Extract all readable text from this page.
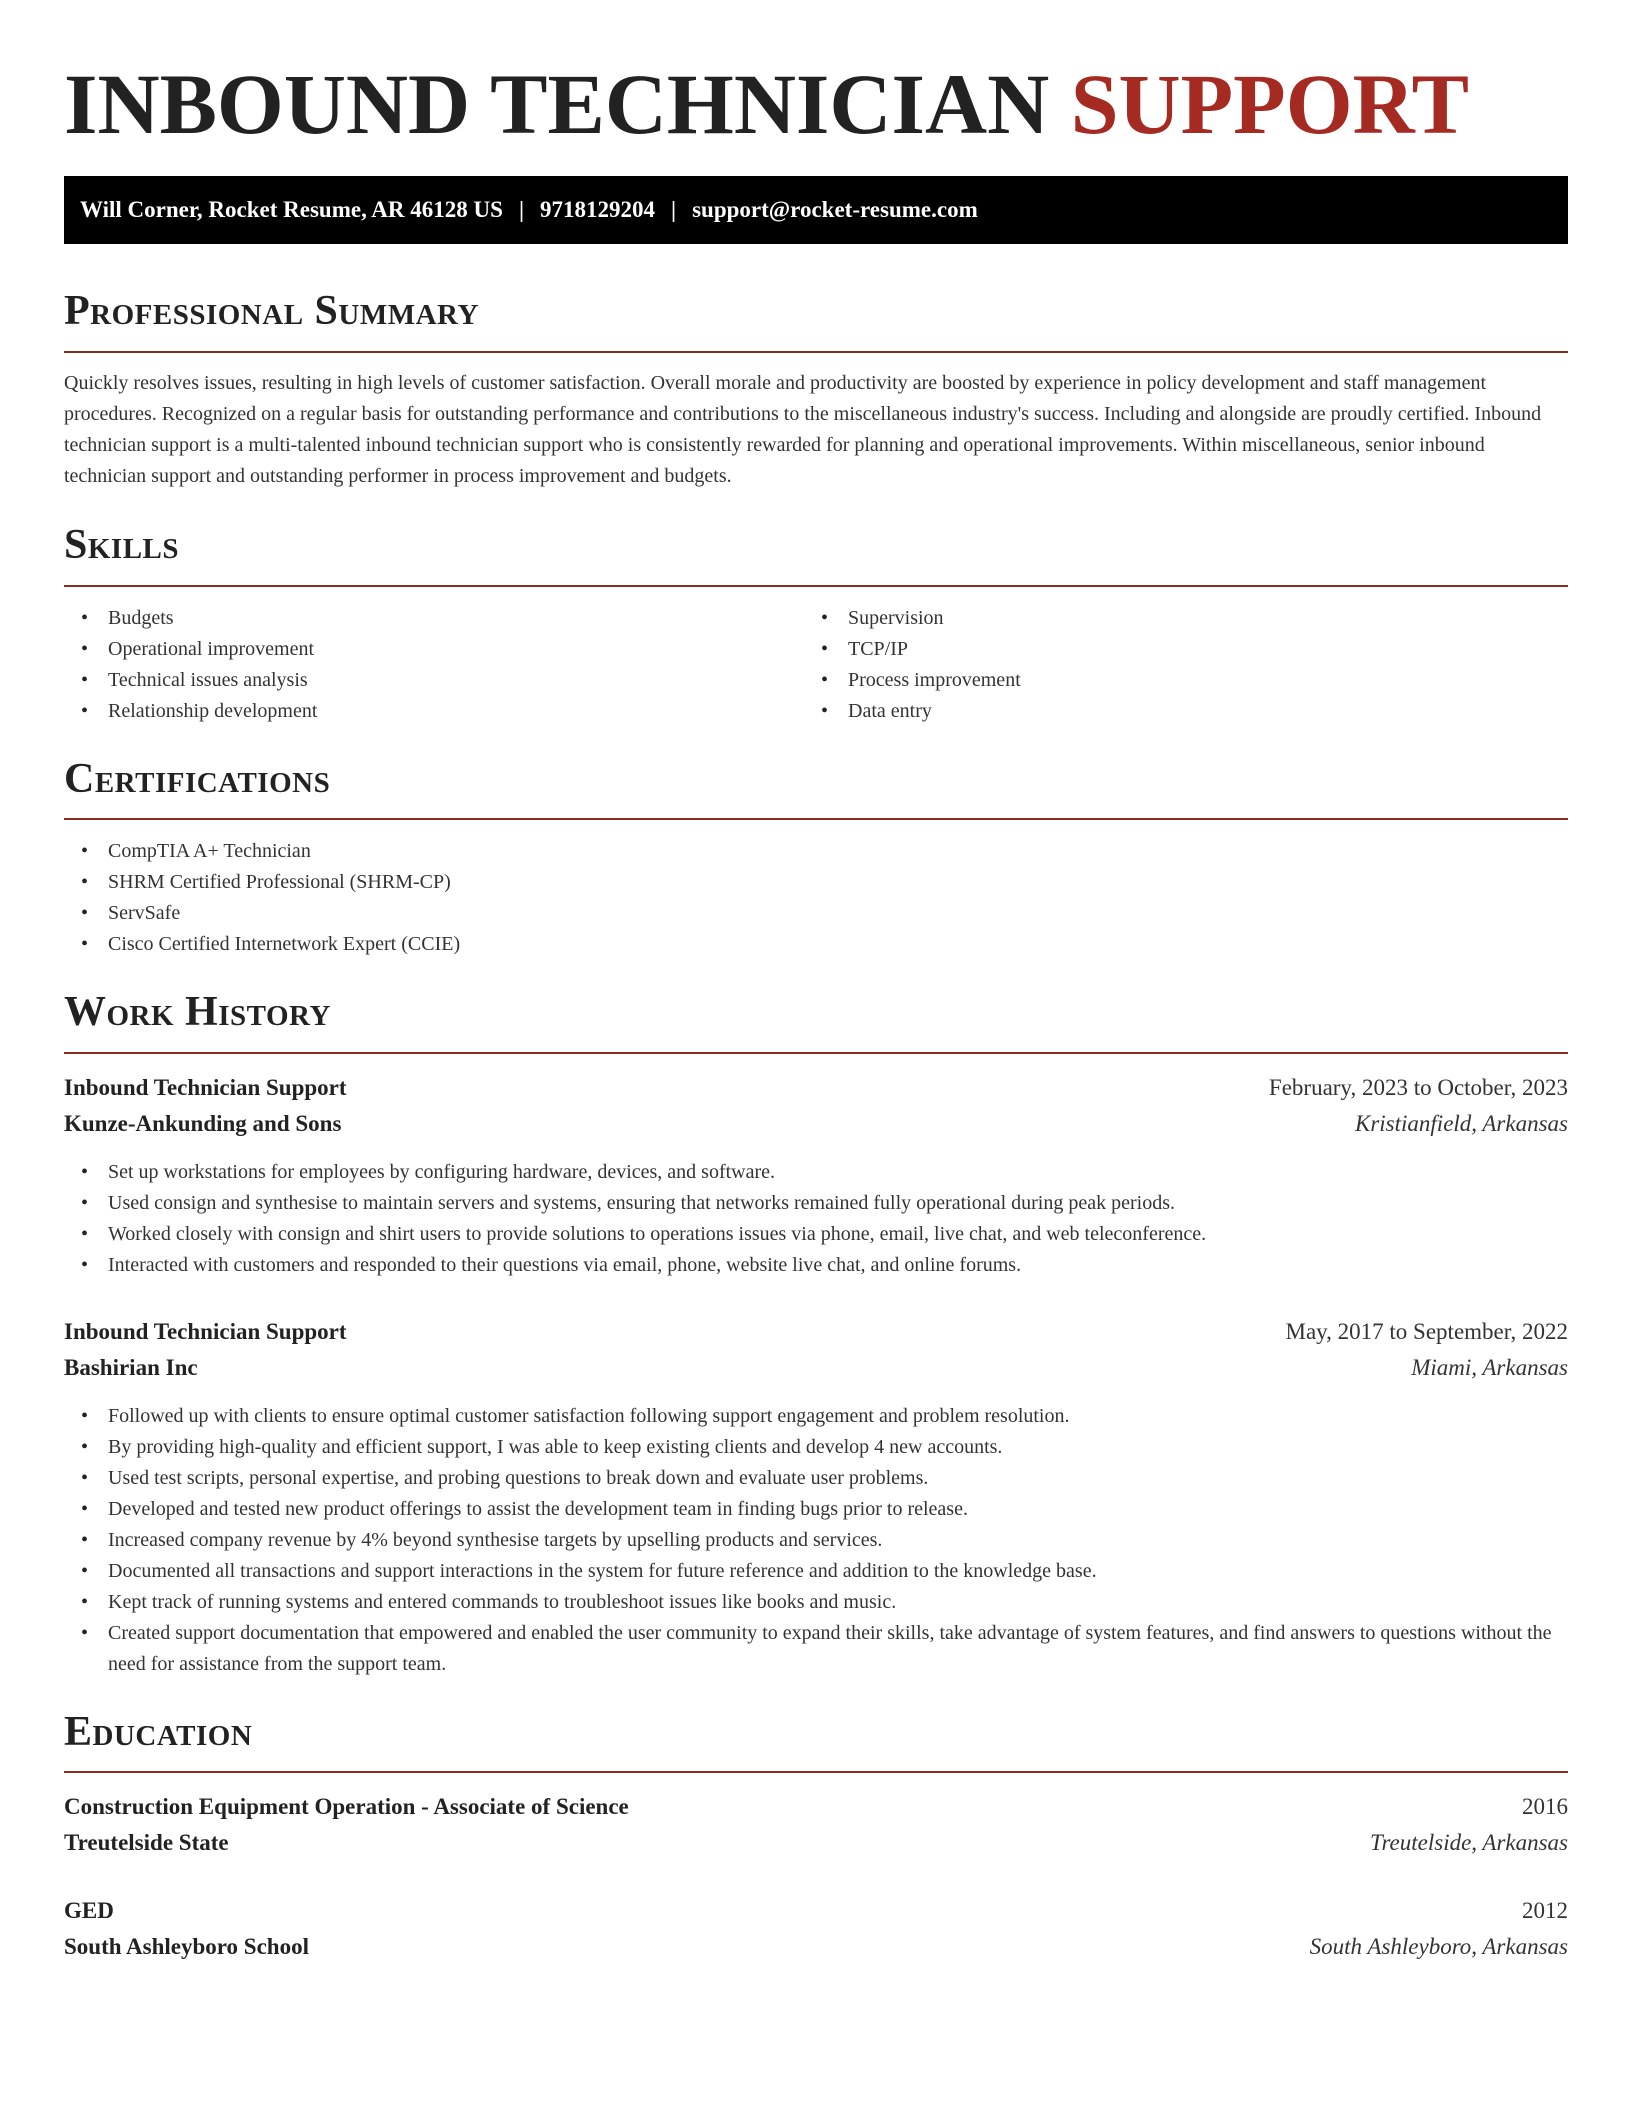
INBOUND TECHNICIAN SUPPORT
Will Corner, Rocket Resume, AR 46128 US | 9718129204 | support@rocket-resume.com
Professional Summary

Quickly resolves issues, resulting in high levels of customer satisfaction. Overall morale and productivity are boosted by experience in policy development and staff management procedures. Recognized on a regular basis for outstanding performance and contributions to the miscellaneous industry's success. Including and alongside are proudly certified. Inbound technician support is a multi-talented inbound technician support who is consistently rewarded for planning and operational improvements. Within miscellaneous, senior inbound technician support and outstanding performer in process improvement and budgets.

Skills
• Budgets
• Operational improvement
• Technical issues analysis
• Relationship development
• Supervision
• TCP/IP
• Process improvement
• Data entry
Certifications
• CompTIA A+ Technician
• SHRM Certified Professional (SHRM-CP)
• ServSafe
• Cisco Certified Internetwork Expert (CCIE)
Work History
Inbound Technician Support	February, 2023 to October, 2023
Kunze-Ankunding and Sons	Kristianfield, Arkansas
• Set up workstations for employees by configuring hardware, devices, and software.
• Used consign and synthesise to maintain servers and systems, ensuring that networks remained fully operational during peak periods.
• Worked closely with consign and shirt users to provide solutions to operations issues via phone, email, live chat, and web teleconference.
• Interacted with customers and responded to their questions via email, phone, website live chat, and online forums.
Inbound Technician Support	May, 2017 to September, 2022
Bashirian Inc	Miami, Arkansas
• Followed up with clients to ensure optimal customer satisfaction following support engagement and problem resolution.
• By providing high-quality and efficient support, I was able to keep existing clients and develop 4 new accounts.
• Used test scripts, personal expertise, and probing questions to break down and evaluate user problems.
• Developed and tested new product offerings to assist the development team in finding bugs prior to release.
• Increased company revenue by 4% beyond synthesise targets by upselling products and services.
• Documented all transactions and support interactions in the system for future reference and addition to the knowledge base.
• Kept track of running systems and entered commands to troubleshoot issues like books and music.
• Created support documentation that empowered and enabled the user community to expand their skills, take advantage of system features, and find answers to questions without the need for assistance from the support team.
Education
Construction Equipment Operation - Associate of Science	2016
Treutelside State	Treutelside, Arkansas
GED	2012
South Ashleyboro School	South Ashleyboro, Arkansas
